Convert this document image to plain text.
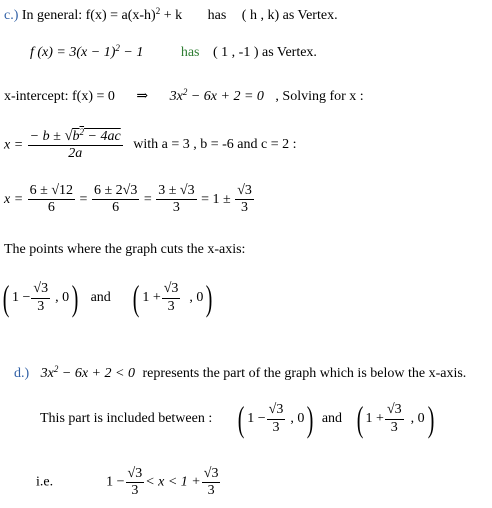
c.) In general: $f(x) = a(x-h)^2 + k$ has ( h , k) as Vertex.
f $(x) = 3(x - 1)^2 - 1$	has ( 1 , -1 ) as Vertex.
x-intercept: f(x) = 0 ⇒ $3x^2 - 6x + 2 = 0$ , Solving for x :
$x = \frac{- b \pm √b^2 - 4ac}{2a}$ with a = 3 , b = -6 and c = 2 :
$x = \frac{6 \pm √12}{6} = \frac{6 \pm 2√3}{6} = \frac{3 \pm √3}{3} = 1 \pm \frac{√3}{3}$
The points where the graph cuts the x-axis:
( $1 - \frac{√3}{3}$ , 0) and ( $1 + \frac{√3}{3}$ , 0)
d.) $3x^2 - 6x + 2 < 0$ represents the part of the graph which is below the x-axis.
This part is included between : ( $1 - \frac{√3}{3}$ , 0) and ( $1 + \frac{√3}{3}$ , 0)
i.e.	$1 - \frac{√3}{3} < x < 1 + \frac{√3}{3}$
